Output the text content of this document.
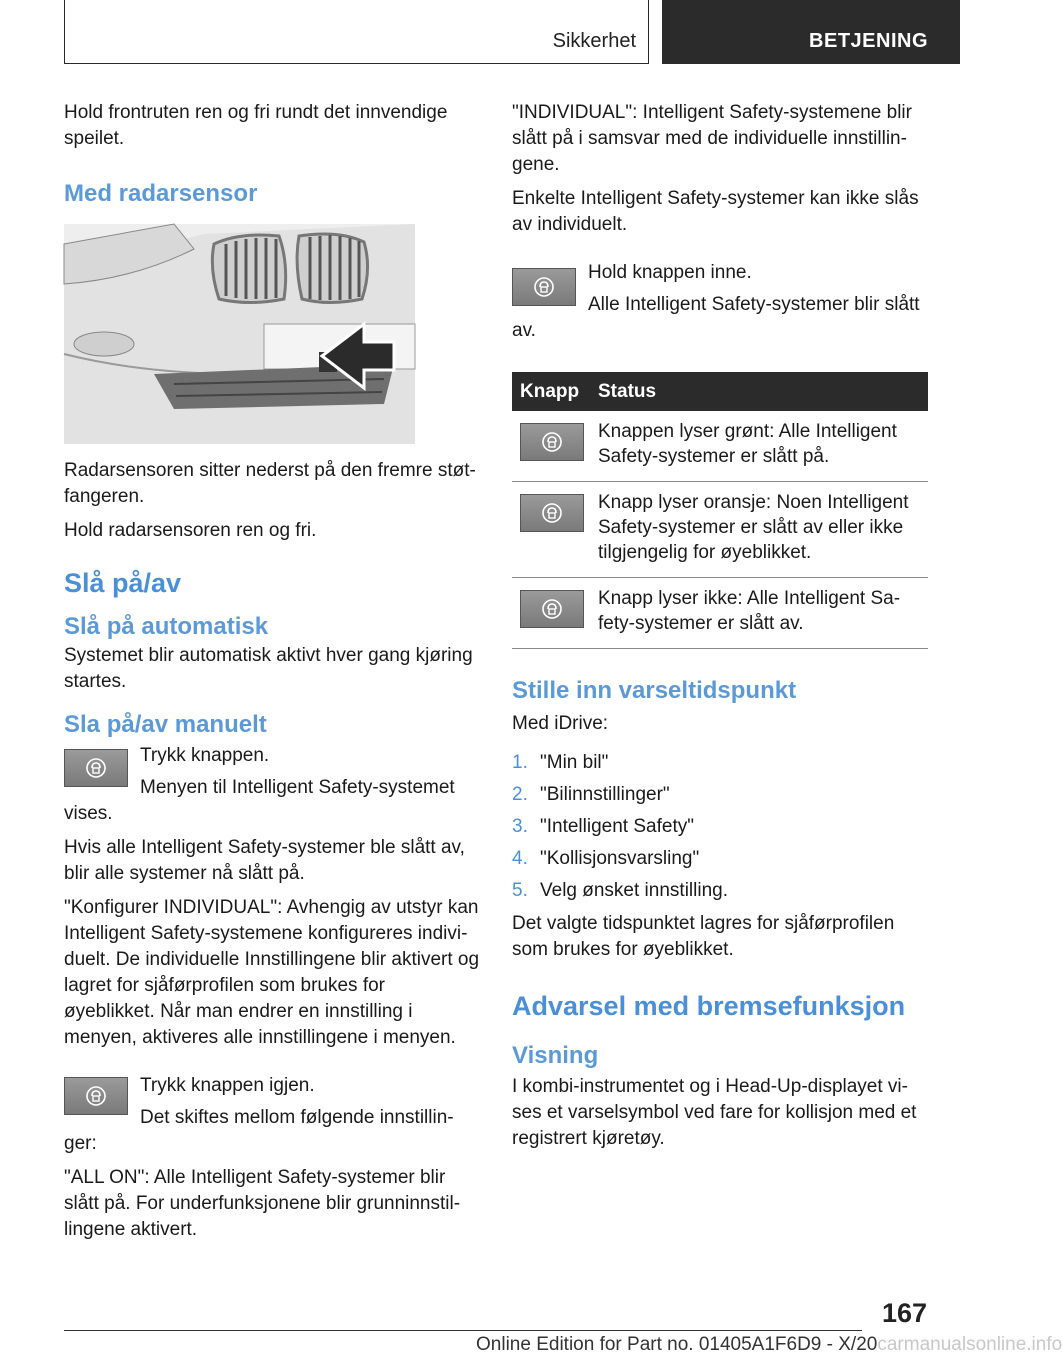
Sikkerhet	BETJENING

Hold frontruten ren og fri rundt det innvendige speilet.

Med radarsensor

Radarsensoren sitter nederst på den fremre støtfangeren.

Hold radarsensoren ren og fri.

Slå på/av
Slå på automatisk

Systemet blir automatisk aktivt hver gang kjøring startes.

Sla på/av manuelt

Trykk knappen.

Menyen til Intelligent Safety-systemet vises.

Hvis alle Intelligent Safety-systemer ble slått av, blir alle systemer nå slått på.

"Konfigurer INDIVIDUAL": Avhengig av utstyr kan Intelligent Safety-systemene konfigureres individuelt. De individuelle Innstillingene blir aktivert og lagret for sjåførprofilen som brukes for øyeblikket. Når man endrer en innstilling i menyen, aktiveres alle innstillingene i menyen.

Trykk knappen igjen.

Det skiftes mellom følgende innstillinger:

"ALL ON": Alle Intelligent Safety-systemer blir slått på. For underfunksjonene blir grunninnstillingene aktivert.

"INDIVIDUAL": Intelligent Safety-systemene blir slått på i samsvar med de individuelle innstillingene.

Enkelte Intelligent Safety-systemer kan ikke slås av individuelt.

Hold knappen inne.

Alle Intelligent Safety-systemer blir slått av.

Knapp	Status

	Knappen lyser grønt: Alle Intelligent Safety-systemer er slått på.

	Knapp lyser oransje: Noen Intelligent Safety-systemer er slått av eller ikke tilgjengelig for øyeblikket.

	Knapp lyser ikke: Alle Intelligent Safety-systemer er slått av.
Stille inn varseltidspunkt

Med iDrive:

1. "Min bil"
2. "Bilinnstillinger"
3. "Intelligent Safety"
4. "Kollisjonsvarsling"
5. Velg ønsket innstilling.

Det valgte tidspunktet lagres for sjåførprofilen som brukes for øyeblikket.

Advarsel med bremsefunksjon
Visning

I kombi-instrumentet og i Head-Up-displayet vises et varselsymbol ved fare for kollisjon med et registrert kjøretøy.

167
Online Edition for Part no. 01405A1F6D9 - X/20carmanualsonline.info
